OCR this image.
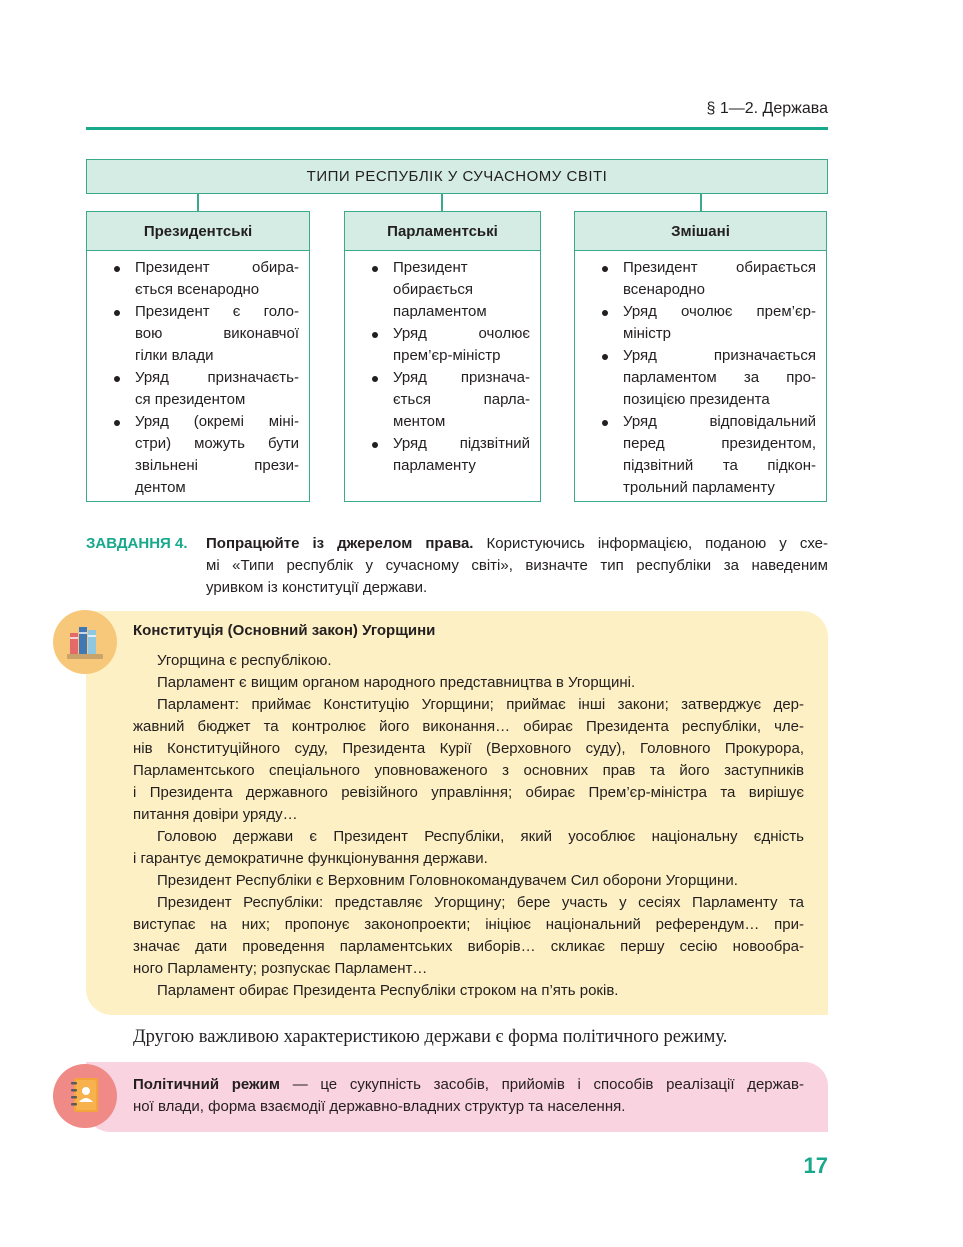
§ 1—2. Держава
ТИПИ РЕСПУБЛІК У СУЧАСНОМУ СВІТІ
Президентські
Президент обира-
ється всенародно
Президент є голо-
вою виконавчої
гілки влади
Уряд призначаєть-
ся президентом
Уряд (окремі міні-
стри) можуть бути
звільнені прези-
дентом
Парламентські
Президент
обирається
парламентом
Уряд очолює
прем’єр-міністр
Уряд признача-
ється парла-
ментом
Уряд підзвітний
парламенту
Змішані
Президент обирається
всенародно
Уряд очолює прем’єр-
міністр
Уряд призначається
парламентом за про-
позицією президента
Уряд відповідальний
перед президентом,
підзвітний та підкон-
трольний парламенту
ЗАВДАННЯ 4. Попрацюйте із джерелом права. Користуючись інформацією, поданою у схе-
мі «Типи республік у сучасному світі», визначте тип республіки за наведеним
уривком із конституції держави.
Конституція (Основний закон) Угорщини
Угорщина є республікою.
Парламент є вищим органом народного представництва в Угорщині.
Парламент: приймає Конституцію Угорщини; приймає інші закони; затверджує дер-
жавний бюджет та контролює його виконання… обирає Президента республіки, чле-
нів Конституційного суду, Президента Курії (Верховного суду), Головного Прокурора,
Парламентського спеціального уповноваженого з основних прав та його заступників
і Президента державного ревізійного управління; обирає Прем’єр-міністра та вирішує
питання довіри уряду…
Головою держави є Президент Республіки, який уособлює національну єдність
і гарантує демократичне функціонування держави.
Президент Республіки є Верховним Головнокомандувачем Сил оборони Угорщини.
Президент Республіки: представляє Угорщину; бере участь у сесіях Парламенту та
виступає на них; пропонує законопроекти; ініціює національний референдум… при-
значає дати проведення парламентських виборів… скликає першу сесію новообра-
ного Парламенту; розпускає Парламент…
Парламент обирає Президента Республіки строком на п’ять років.
Другою важливою характеристикою держави є форма політичного режиму.
Політичний режим — це сукупність засобів, прийомів і способів реалізації держав-
ної влади, форма взаємодії державно-владних структур та населення.
17
